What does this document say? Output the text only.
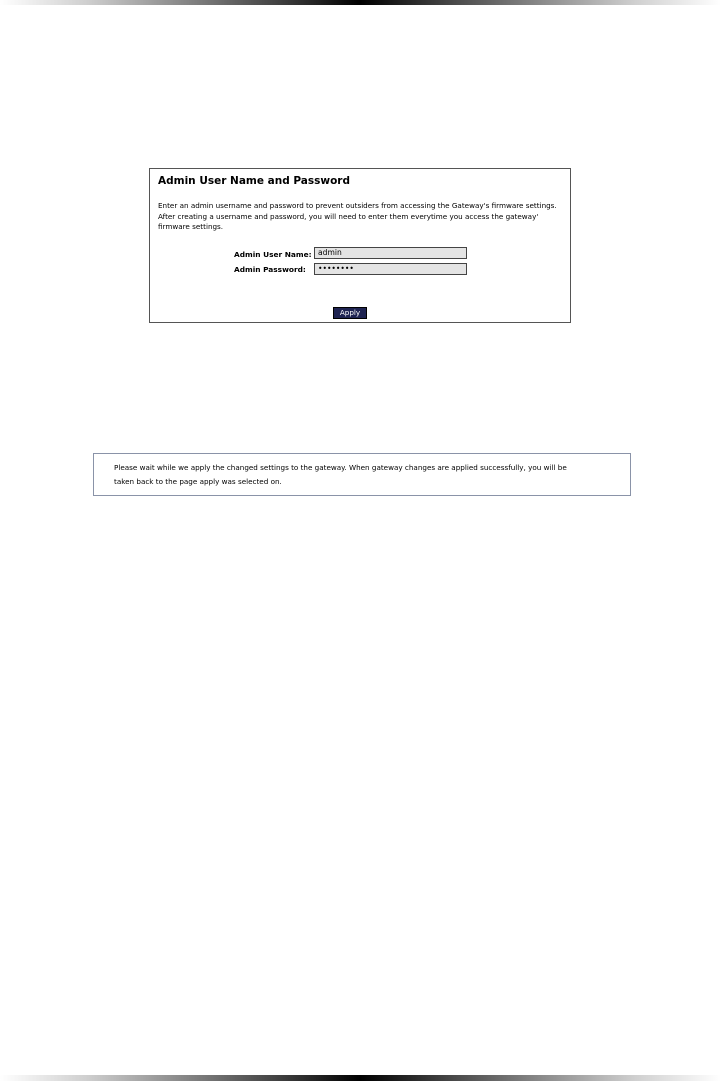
Admin User Name and Password
Enter an admin username and password to prevent outsiders from accessing the Gateway's firmware settings. After creating a username and password, you will need to enter them everytime you access the gateway' firmware settings.
Admin User Name: admin
Admin Password:	••••••••
Apply
Please wait while we apply the changed settings to the gateway. When gateway changes are applied successfully, you will be taken back to the page apply was selected on.
